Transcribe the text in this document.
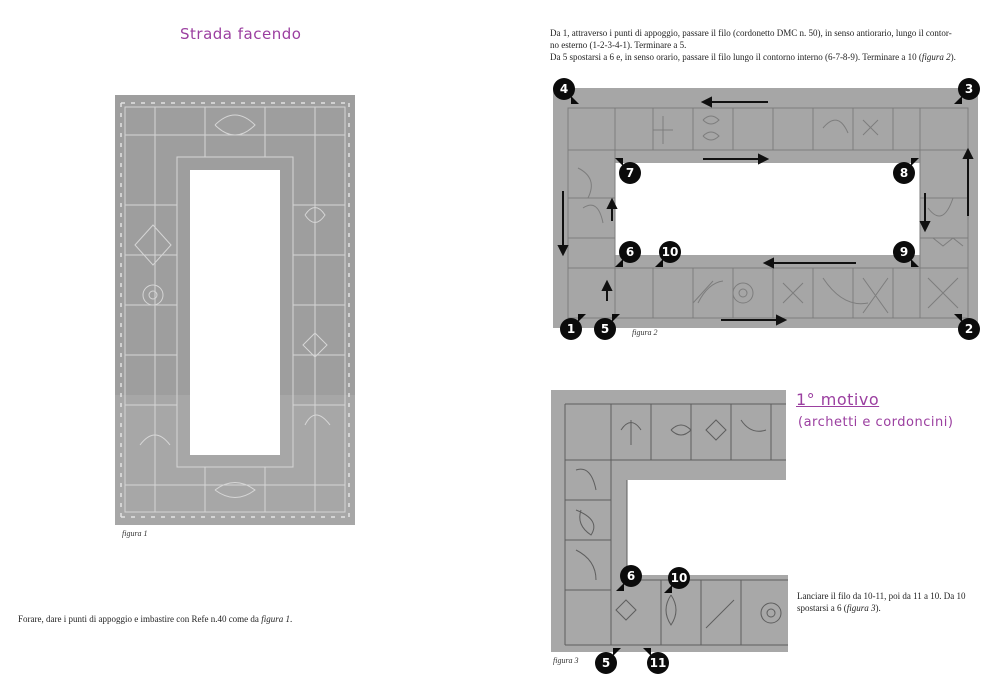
Strada facendo
figura 1
Forare, dare i punti di appoggio e imbastire con Refe n.40 come da figura 1.
Da 1, attraverso i punti di appoggio, passare il filo (cordonetto DMC n. 50), in senso antiorario, lungo il contor-
no esterno (1-2-3-4-1). Terminare a 5.
Da 5 spostarsi a 6 e, in senso orario, passare il filo lungo il contorno interno (6-7-8-9). Terminare a 10 (figura 2).
1	2
3
4
5
6
7	8
9
10
figura 2
1° motivo
(archetti e cordoncini)
6	10
5	11
figura 3
Lanciare il filo da 10-11, poi da 11 a 10. Da 10
spostarsi a 6 (figura 3).
